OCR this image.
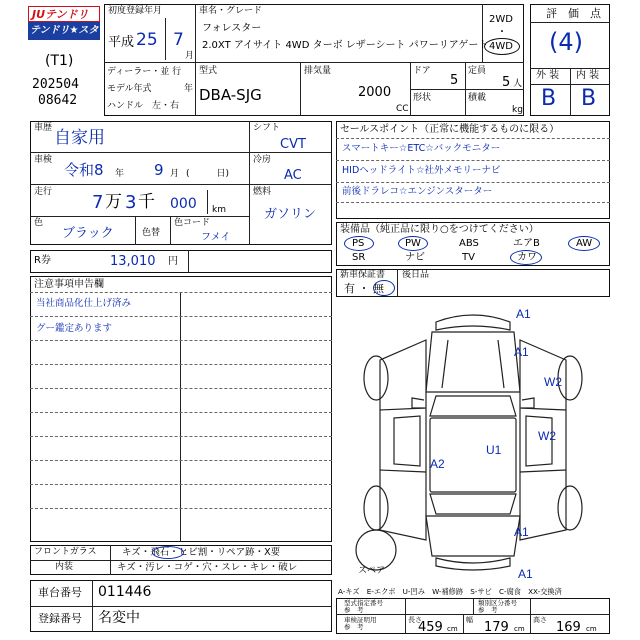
JUテンドリ
テンドリ★スター
(T1)
202504
08642
初度登録年月
平成 25 7
月
車名・グレード
フォレスター
2.0XT アイサイト 4WD ターボ レザーシート パワーリアゲート
2WD
・
4WD
ディーラー・並 行
モデル年式	年
ハンドル　左・右
型式
DBA-SJG
排気量
2000
CC
ドア
5
定員
5 人
形状	積載
kg
評　価　点
(4)
外 装 内 装
B B
車歴 自家用
車検
令和8 年 9 月 (　　　日)
走行 7 万 3 千 000 km
色
ブラック	色替
色コード
フメイ
シフト
CVT
冷房
AC
燃料
ガソリン
R券	13,010 円
セールスポイント（正常に機能するものに限る）
スマートキー☆ETC☆バックモニター
HIDヘッドライト☆社外メモリーナビ
前後ドラレコ☆エンジンスターター
装備品（純正品に限り○をつけてください）
PS	PW	ABS	エアB	AW
SR	ナビ	TV	カワ
新車保証書
有 ・ 無
後日品
注意事項申告欄
当社商品化仕上げ済み
グー鑑定あります
フロントガラス	キズ・飛石・ヒビ割・リペア跡・X要
内装	キズ・汚レ・コゲ・穴・スレ・キレ・破レ
車台番号 011446
登録番号 名変中
A1
A1
W2
W2
U1
A2
A1
A1
スペア
A-キズ　E-エクボ　U-凹み　W-補修跡　S-サビ　C-腐食　XX-交換済
型式指定番号
参　考
類別区分番号
参　考
車検証明用
参　考
長さ
459 cm
幅 179 cm
高さ 169 cm
